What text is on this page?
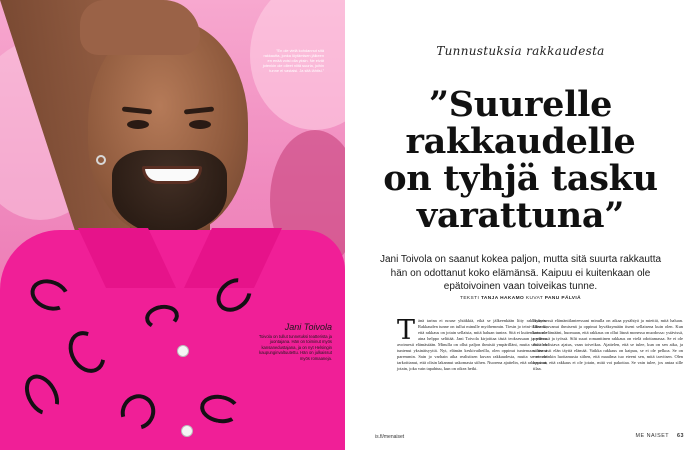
”En ole vielä kohdannut sitä rakkautta, jonka löytämisen jälkeen en enää voisi olla yksin. Ne eivät jotenkin ole olleet niitä suuria, joihin tunne ei vastaisi. Ja sitä lähtisi.”
Jani Toivola
Toivola on tullut tunnetuksi teatterista ja juontajana. Hän on toiminut myös kansanedustajana, ja on nyt Helsingin kaupunginvaltuutettu. Hän on julkaissut myös romaaneja.
Tunnustuksia rakkaudesta
”Suurelle
rakkaudelle
on tyhjä tasku
varattuna”

Jani Toivola on saanut kokea paljon, mutta sitä suurta rakkautta hän on odottanut koko elämänsä. Kaipuu ei kuitenkaan ole epätoivoinen vaan toiveikas tunne.

TEKSTI TANJA HAKAMO KUVAT PANU PÄLVIÄ
T änä tarina ei nouse yhtäkkiä, eikä se jälkeenkään liity rakkauteen. Rakkauden tunne on tullut minulle myöhemmin. Tiesin jo teini-ikäisenä, että rakkaus on jotain sellaista, mitä haluan tuntea. Sitä ei kuitenkaan ole aina helppo selittää. Jani Toivola kirjoittaa tästä teoksessaan ja puhuu avoimesti elämästään. Minulla on ollut paljon ihmisiä ympärilläni, mutta silti olen tuntenut yksinäisyyttä. Nyt, elämän keskivaiheilla, olen oppinut tuntemaan itseni paremmin. Sain jo varhain aika realistisen kuvan rakkaudesta, mutta se ei ole tarkoittanut, että olisin lakannut uskomasta siihen. Nuorena ajattelin, että rakkaus on jotain, joka vain tapahtuu, kun on oikea hetki.

Nykyisessä elämäntilanteessani minulla on aikaa pysähtyä ja miettiä, mitä haluan. Olen kasvanut ihmisenä ja oppinut hyväksymään itseni sellaisena kuin olen. Kun katson elämääni, huomaan, että rakkaus on ollut läsnä monessa muodossa: ystävissä, perheessä ja työssä. Silti suuri romanttinen rakkaus on vielä odottamassa. Se ei ole enää ahdistava ajatus, vaan toiveikas. Ajattelen, että se tulee, kun on sen aika, ja siihen asti elän täyttä elämää. Vaikka rakkaus on kaipuu, se ei ole pelkoa. Se on enemmänkin luottamusta siihen, että maailma tuo eteeni sen, mitä tarvitsen. Olen oppinut, että rakkaus ei ole jotain, mitä voi pakottaa. Se vain tulee, jos antaa sille tilaa.

is.fi/menaiset	ME NAISET 63
